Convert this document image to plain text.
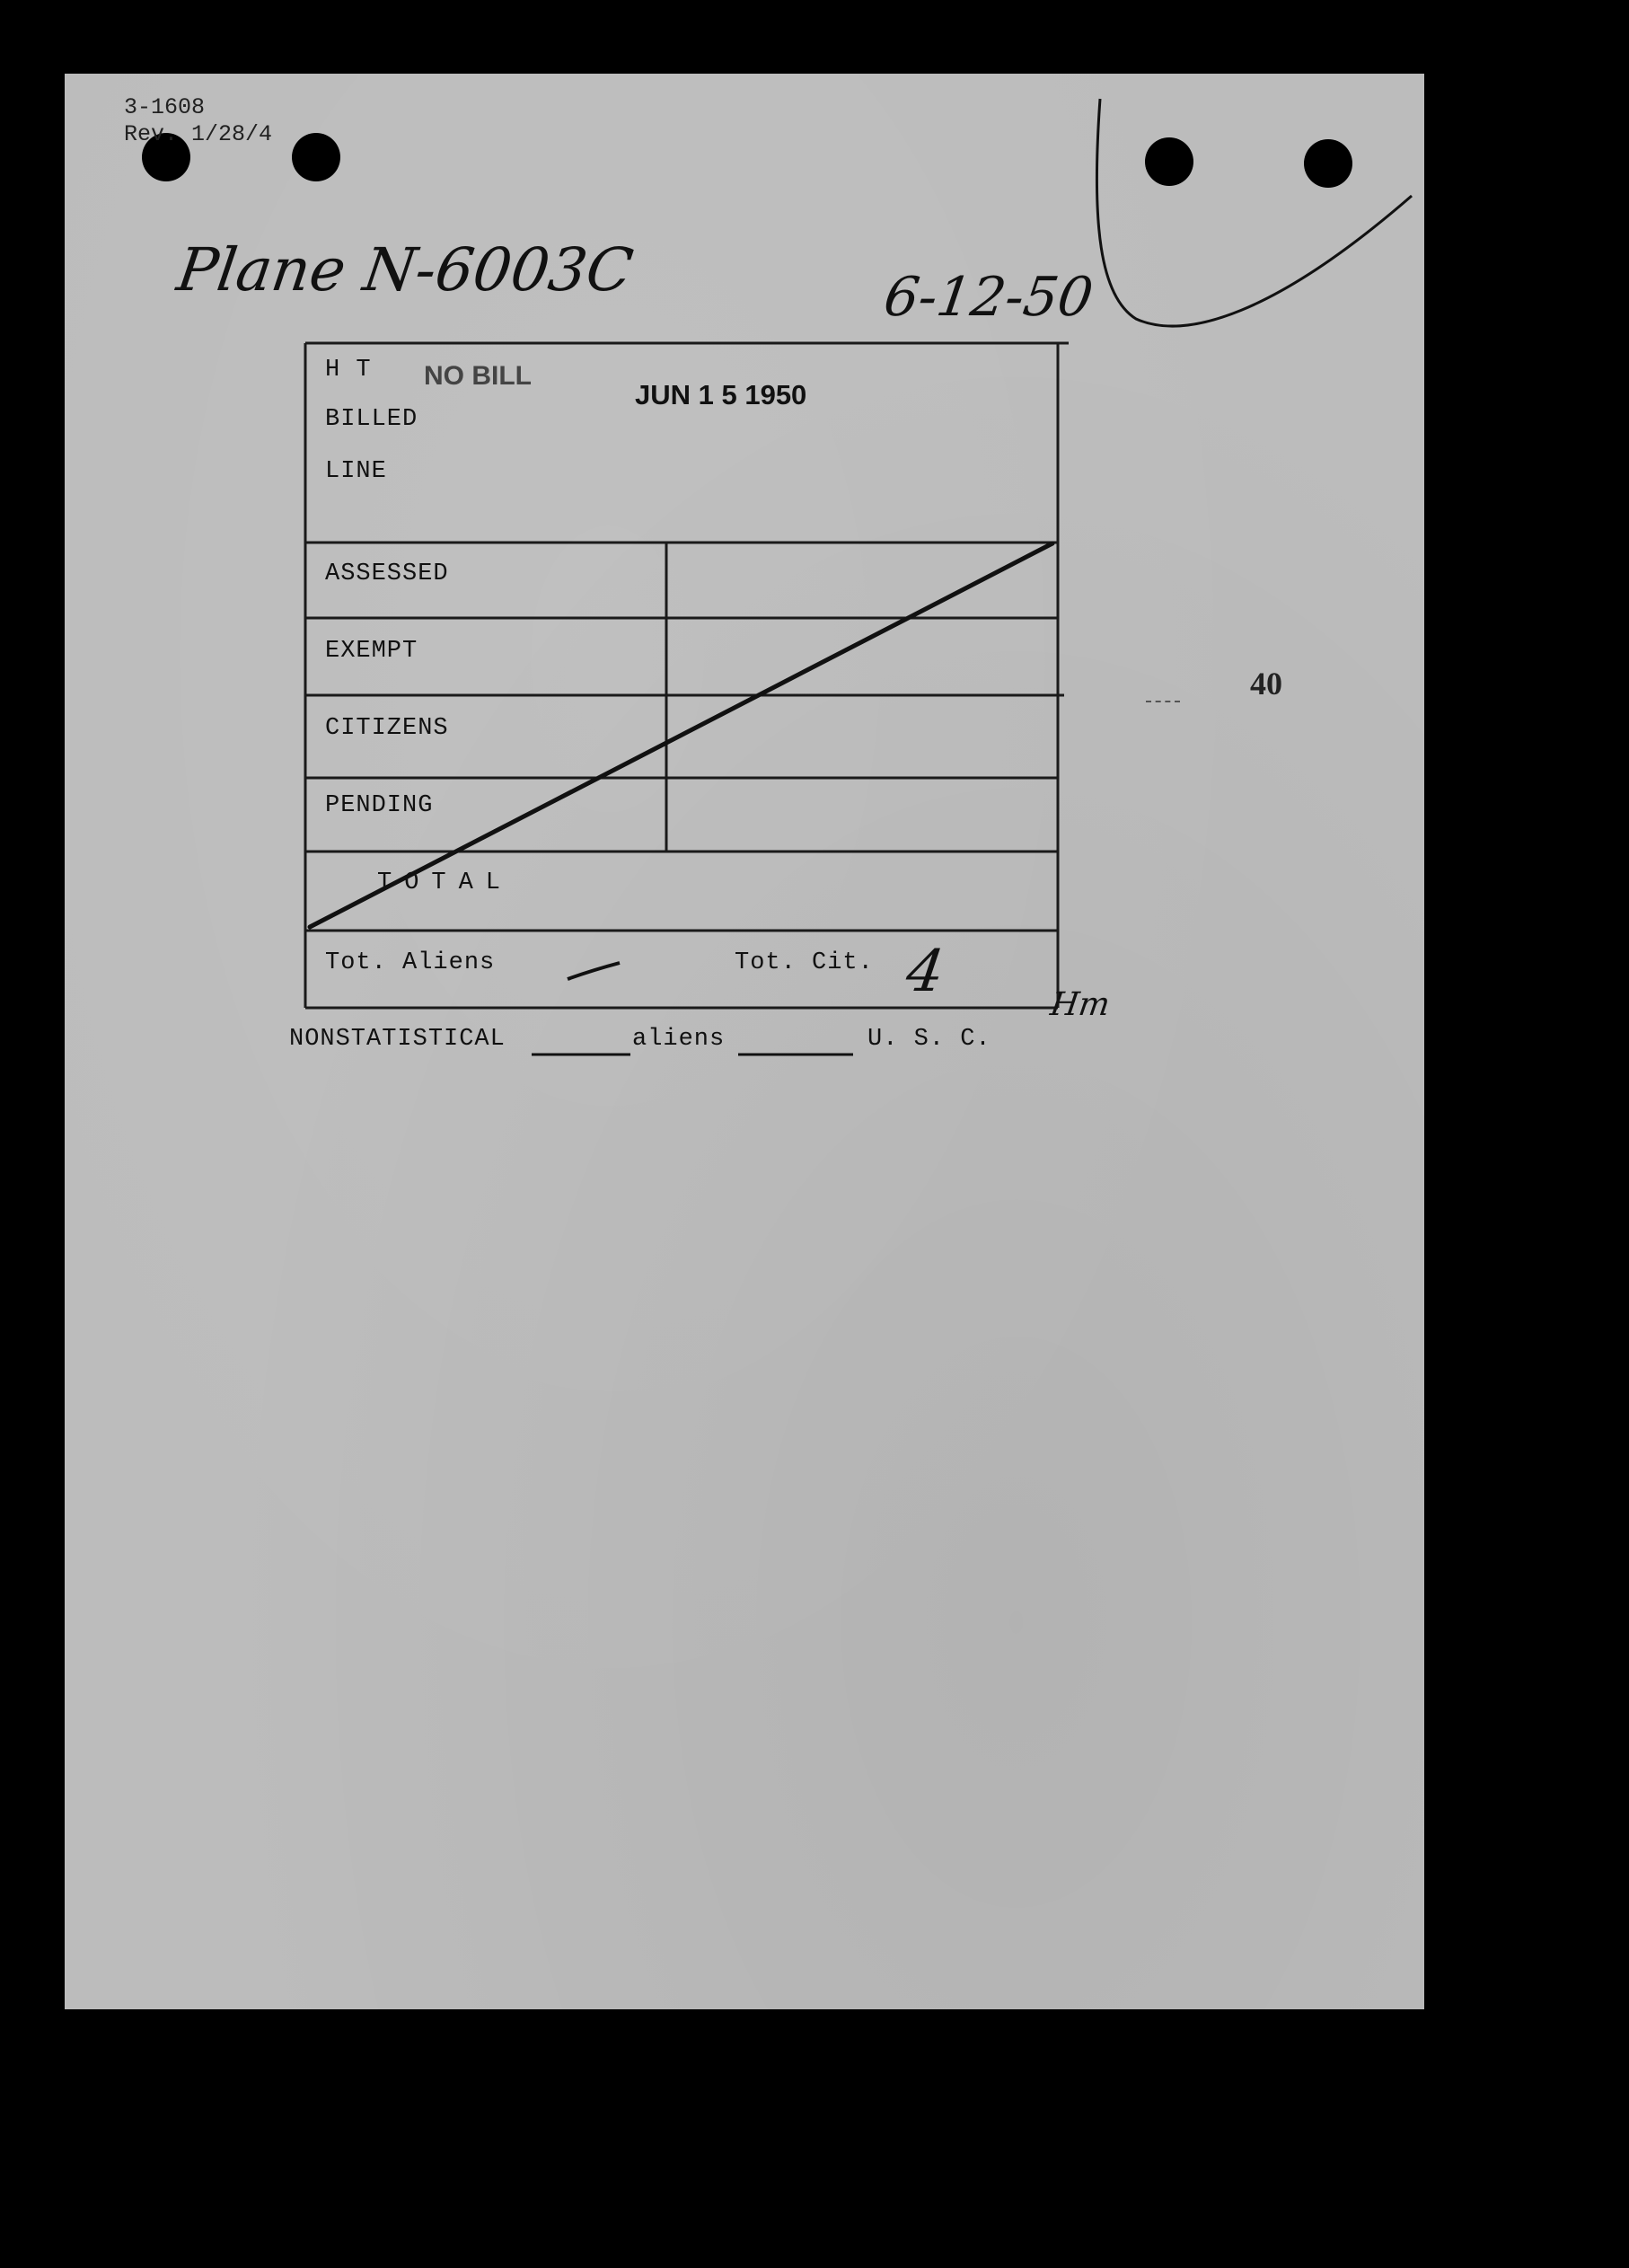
3-1608
Rev. 1/28/4
Plane N-6003C	6-12-50
NO BILL
JUN 1 5 1950
H T
BILLED
LINE
ASSESSED
EXEMPT
CITIZENS
PENDING
TOTAL
Tot. Aliens	Tot. Cit. 4	Hm
NONSTATISTICAL	aliens	U. S. C.
40
